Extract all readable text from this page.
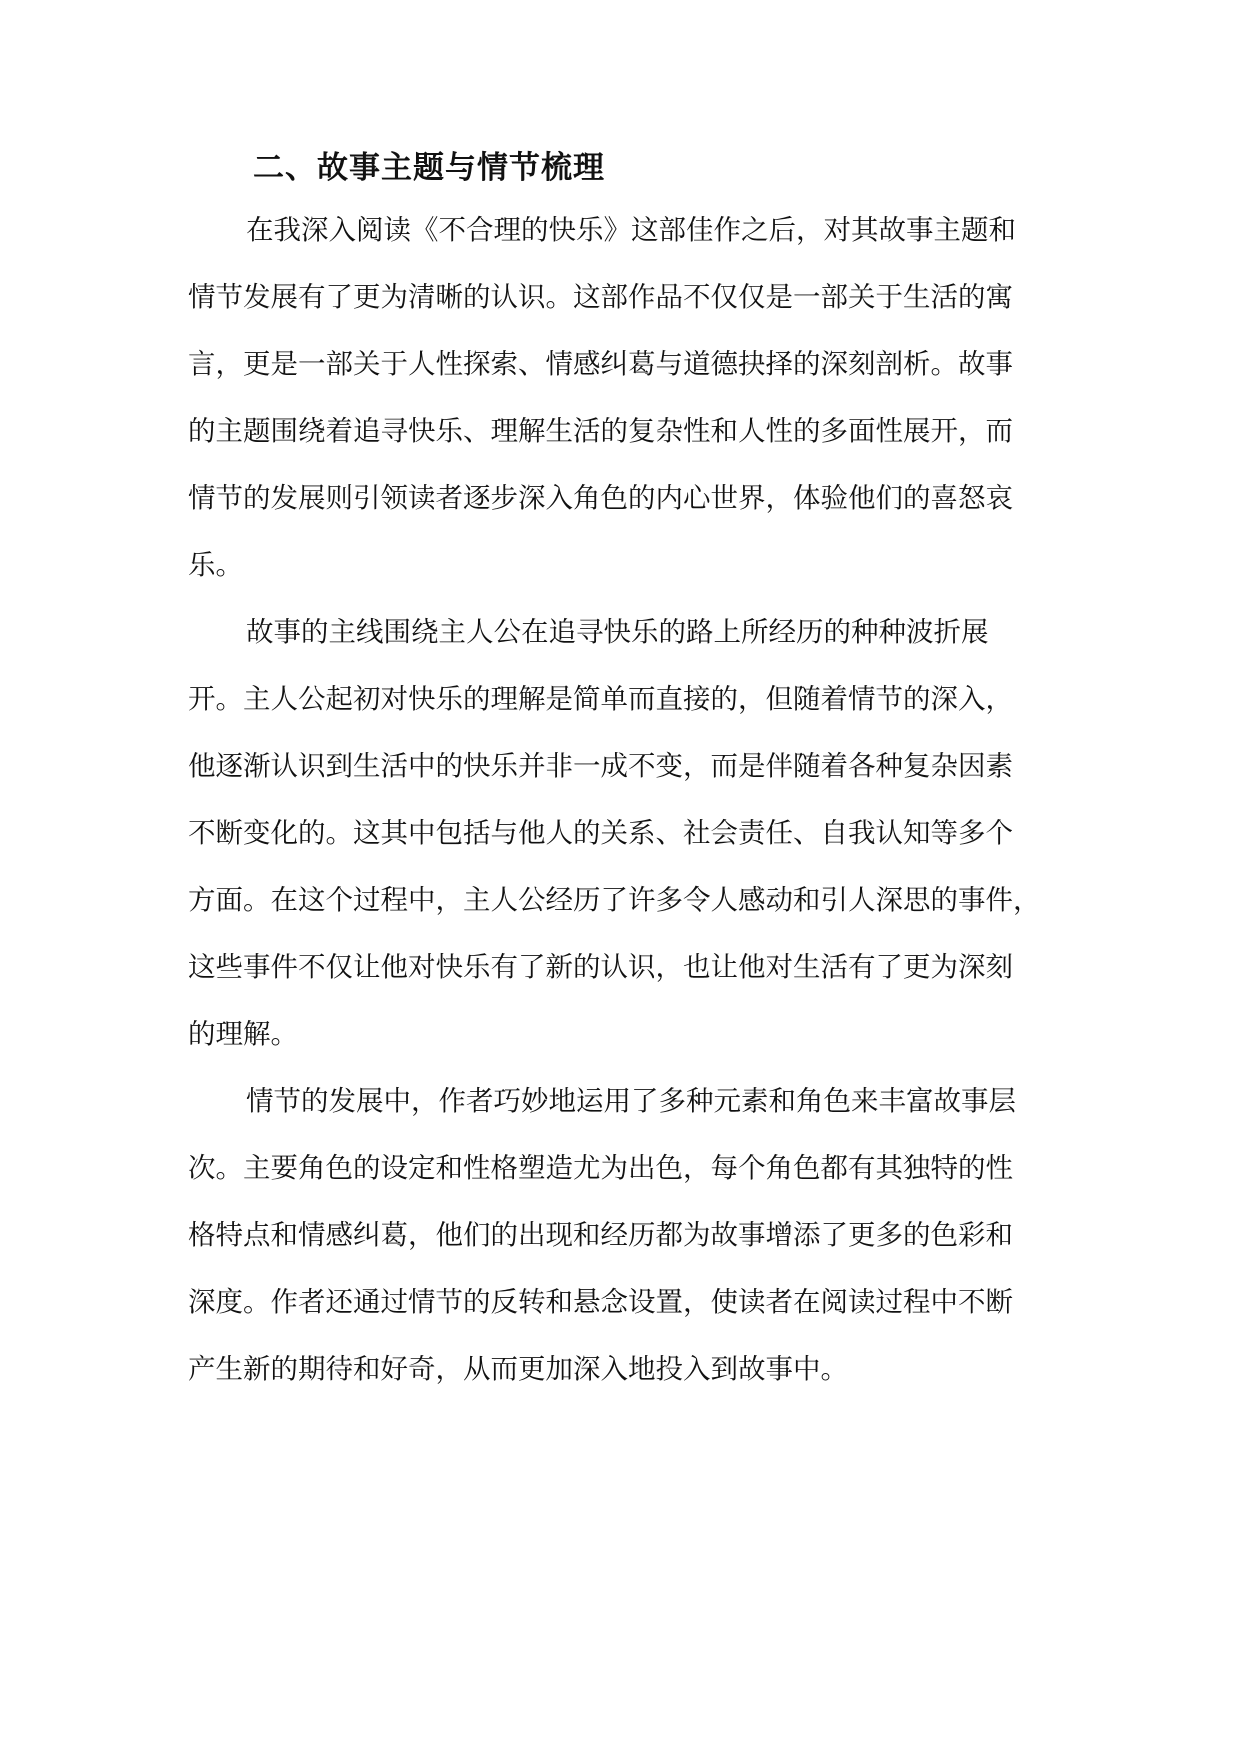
二、故事主题与情节梳理
在我深入阅读《不合理的快乐》这部佳作之后，对其故事主题和
情节发展有了更为清晰的认识。这部作品不仅仅是一部关于生活的寓
言，更是一部关于人性探索、情感纠葛与道德抉择的深刻剖析。故事
的主题围绕着追寻快乐、理解生活的复杂性和人性的多面性展开，而
情节的发展则引领读者逐步深入角色的内心世界，体验他们的喜怒哀
乐。
故事的主线围绕主人公在追寻快乐的路上所经历的种种波折展
开。主人公起初对快乐的理解是简单而直接的，但随着情节的深入，
他逐渐认识到生活中的快乐并非一成不变，而是伴随着各种复杂因素
不断变化的。这其中包括与他人的关系、社会责任、自我认知等多个
方面。在这个过程中，主人公经历了许多令人感动和引人深思的事件，
这些事件不仅让他对快乐有了新的认识，也让他对生活有了更为深刻
的理解。
情节的发展中，作者巧妙地运用了多种元素和角色来丰富故事层
次。主要角色的设定和性格塑造尤为出色，每个角色都有其独特的性
格特点和情感纠葛，他们的出现和经历都为故事增添了更多的色彩和
深度。作者还通过情节的反转和悬念设置，使读者在阅读过程中不断
产生新的期待和好奇，从而更加深入地投入到故事中。
